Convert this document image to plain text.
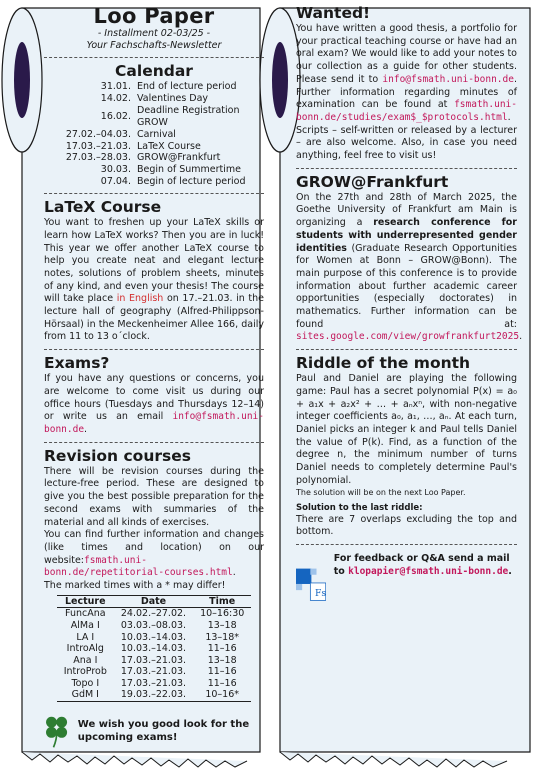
Loo Paper
- Installment 02-03/25 -
Your Fachschafts-Newsletter
Calendar
31.01.	End of lecture period
14.02.	Valentines Day
16.02.	Deadline Registration GROW
27.02.–04.03.	Carnival
17.03.–21.03.	LaTeX Course
27.03.–28.03.	GROW@Frankfurt
30.03.	Begin of Summertime
07.04.	Begin of lecture period
LaTeX Course

You want to freshen up your LaTeX skills or learn how LaTeX works? Then you are in luck! This year we offer another LaTeX course to help you create neat and elegant lecture notes, solutions of problem sheets, minutes of any kind, and even your thesis! The course will take place in English on 17.–21.03. in the lecture hall of geography (Alfred-Philippson-Hörsaal) in the Meckenheimer Allee 166, daily from 11 to 13 o´clock.

Exams?

If you have any questions or concerns, you are welcome to come visit us during our office hours (Tuesdays and Thursdays 12–14) or write us an email info@fsmath.uni-bonn.de.

Revision courses

There will be revision courses during the lecture-free period. These are designed to give you the best possible preparation for the second exams with summaries of the material and all kinds of exercises.

You can find further information and changes (like times and location) on our website:fsmath.uni-bonn.de/repetitorial-courses.html.

The marked times with a * may differ!

Lecture	Date	Time
FuncAna	24.02.–27.02.	10–16:30
AlMa I	03.03.–08.03.	13–18
LA I	10.03.–14.03.	13–18*
IntroAlg	10.03.–14.03.	11–16
Ana I	17.03.–21.03.	13–18
IntroProb	17.03.–21.03.	11–16
Topo I	17.03.–21.03.	11–16
GdM I	19.03.–22.03.	10–16*
We wish you good look for the upcoming exams!
Wanted!

You have written a good thesis, a portfolio for your practical teaching course or have had an oral exam? We would like to add your notes to our collection as a guide for other students. Please send it to info@fsmath.uni-bonn.de. Further information regarding minutes of examination can be found at fsmath.uni-bonn.de/studies/exam$_$protocols.html. Scripts – self-written or released by a lecturer – are also welcome. Also, in case you need anything, feel free to visit us!

GROW@Frankfurt

On the 27th and 28th of March 2025, the Goethe University of Frankfurt am Main is organizing a research conference for students with underrepresented gender identities (Graduate Research Opportunities for Women at Bonn – GROW@Bonn). The main purpose of this conference is to provide information about further academic career opportunities (especially doctorates) in mathematics. Further information can be found at: sites.google.com/view/growfrankfurt2025.

Riddle of the month

Paul and Daniel are playing the following game: Paul has a secret polynomial P(x) = a₀ + a₁x + a₂x² + … + aₙxⁿ, with non-negative integer coefficients a₀, a₁, …, aₙ. At each turn, Daniel picks an integer k and Paul tells Daniel the value of P(k). Find, as a function of the degree n, the minimum number of turns Daniel needs to completely determine Paul's polynomial.

The solution will be on the next Loo Paper.

Solution to the last riddle:

There are 7 overlaps excluding the top and bottom.

Fs
For feedback or Q&A send a mail to klopapier@fsmath.uni-bonn.de.
